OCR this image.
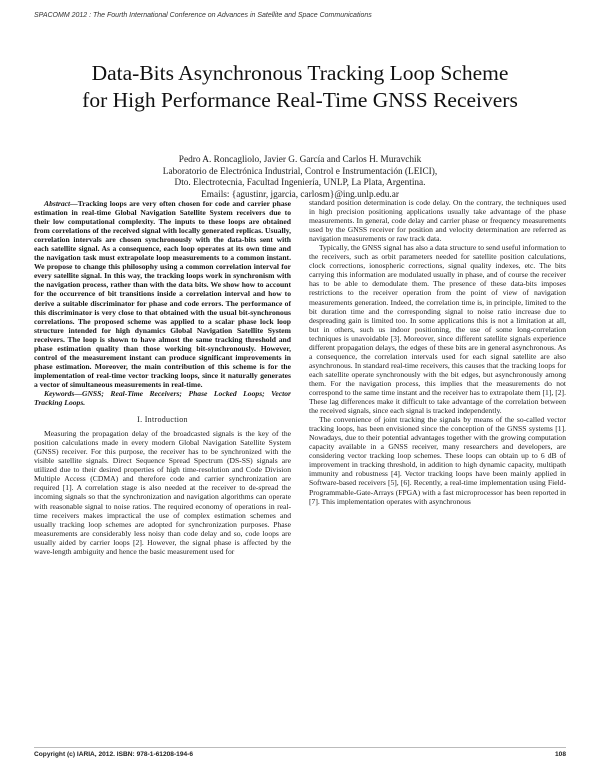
SPACOMM 2012 : The Fourth International Conference on Advances in Satellite and Space Communications
Data-Bits Asynchronous Tracking Loop Scheme
for High Performance Real-Time GNSS Receivers
Pedro A. Roncagliolo, Javier G. García and Carlos H. Muravchik
Laboratorio de Electrónica Industrial, Control e Instrumentación (LEICI),
Dto. Electrotecnia, Facultad Ingeniería, UNLP, La Plata, Argentina.
Emails: {agustinr, jgarcia, carlosm}@ing.unlp.edu.ar

Abstract—Tracking loops are very often chosen for code and carrier phase estimation in real-time Global Navigation Satellite System receivers due to their low computational complexity. The inputs to these loops are obtained from correlations of the received signal with locally generated replicas. Usually, correlation intervals are chosen synchronously with the data-bits sent with each satellite signal. As a consequence, each loop operates at its own time and the navigation task must extrapolate loop measurements to a common instant. We propose to change this philosophy using a common correlation interval for every satellite signal. In this way, the tracking loops work in synchronism with the navigation process, rather than with the data bits. We show how to account for the occurrence of bit transitions inside a correlation interval and how to derive a suitable discriminator for phase and code errors. The performance of this discriminator is very close to that obtained with the usual bit-synchronous correlations. The proposed scheme was applied to a scalar phase lock loop structure intended for high dynamics Global Navigation Satellite System receivers. The loop is shown to have almost the same tracking threshold and phase estimation quality than those working bit-synchronously. However, control of the measurement instant can produce significant improvements in phase estimation. Moreover, the main contribution of this scheme is for the implementation of real-time vector tracking loops, since it naturally generates a vector of simultaneous measurements in real-time.

Keywords—GNSS; Real-Time Receivers; Phase Locked Loops; Vector Tracking Loops.

I. Introduction

Measuring the propagation delay of the broadcasted signals is the key of the position calculations made in every modern Global Navigation Satellite System (GNSS) receiver. For this purpose, the receiver has to be synchronized with the visible satellite signals. Direct Sequence Spread Spectrum (DS-SS) signals are utilized due to their desired properties of high time-resolution and Code Division Multiple Access (CDMA) and therefore code and carrier synchronization are required [1]. A correlation stage is also needed at the receiver to de-spread the incoming signals so that the synchronization and navigation algorithms can operate with reasonable signal to noise ratios. The required economy of operations in real-time receivers makes impractical the use of complex estimation schemes and usually tracking loop schemes are adopted for synchronization purposes. Phase measurements are considerably less noisy than code delay and so, code loops are usually aided by carrier loops [2]. However, the signal phase is affected by the wave-length ambiguity and hence the basic measurement used for

standard position determination is code delay. On the contrary, the techniques used in high precision positioning applications usually take advantage of the phase measurements. In general, code delay and carrier phase or frequency measurements used by the GNSS receiver for position and velocity determination are referred as navigation measurements or raw track data.

Typically, the GNSS signal has also a data structure to send useful information to the receivers, such as orbit parameters needed for satellite position calculations, clock corrections, ionospheric corrections, signal quality indexes, etc. The bits carrying this information are modulated usually in phase, and of course the receiver has to be able to demodulate them. The presence of these data-bits imposes restrictions to the receiver operation from the point of view of navigation measurements generation. Indeed, the correlation time is, in principle, limited to the bit duration time and the corresponding signal to noise ratio increase due to despreading gain is limited too. In some applications this is not a limitation at all, but in others, such us indoor positioning, the use of some long-correlation techniques is unavoidable [3]. Moreover, since different satellite signals experience different propagation delays, the edges of these bits are in general asynchronous. As a consequence, the correlation intervals used for each signal satellite are also asynchronous. In standard real-time receivers, this causes that the tracking loops for each satellite operate synchronously with the bit edges, but asynchronously among them. For the navigation process, this implies that the measurements do not correspond to the same time instant and the receiver has to extrapolate them [1], [2]. These lag differences make it difficult to take advantage of the correlation between the received signals, since each signal is tracked independently.

The convenience of joint tracking the signals by means of the so-called vector tracking loops, has been envisioned since the conception of the GNSS systems [1]. Nowadays, due to their potential advantages together with the growing computation capacity available in a GNSS receiver, many researchers and developers, are considering vector tracking loop schemes. These loops can obtain up to 6 dB of improvement in tracking threshold, in addition to high dynamic capacity, multipath immunity and robustness [4]. Vector tracking loops have been mainly applied in Software-based receivers [5], [6]. Recently, a real-time implementation using Field-Programmable-Gate-Arrays (FPGA) with a fast microprocessor has been reported in [7]. This implementation operates with asynchronous

Copyright (c) IARIA, 2012. ISBN: 978-1-61208-194-6	108
